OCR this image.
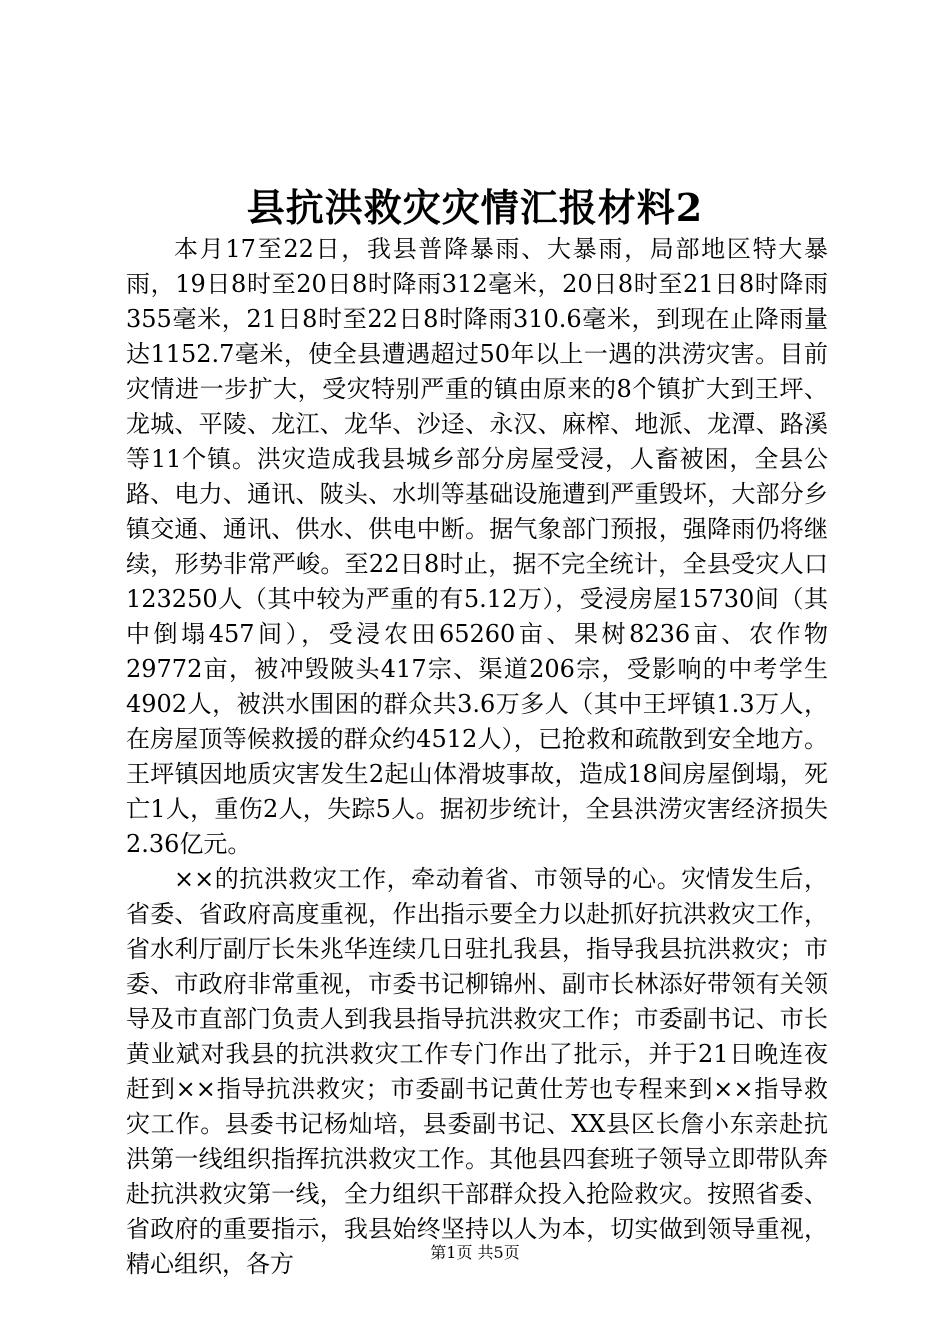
县抗洪救灾灾情汇报材料2

本月17至22日，我县普降暴雨、大暴雨，局部地区特大暴雨，19日8时至20日8时降雨312毫米，20日8时至21日8时降雨355毫米，21日8时至22日8时降雨310.6毫米，到现在止降雨量达1152.7毫米，使全县遭遇超过50年以上一遇的洪涝灾害。目前灾情进一步扩大，受灾特别严重的镇由原来的8个镇扩大到王坪、龙城、平陵、龙江、龙华、沙迳、永汉、麻榨、地派、龙潭、路溪等11个镇。洪灾造成我县城乡部分房屋受浸，人畜被困，全县公路、电力、通讯、陂头、水圳等基础设施遭到严重毁坏，大部分乡镇交通、通讯、供水、供电中断。据气象部门预报，强降雨仍将继续，形势非常严峻。至22日8时止，据不完全统计，全县受灾人口123250人（其中较为严重的有5.12万），受浸房屋15730间（其中倒塌457间），受浸农田65260亩、果树8236亩、农作物29772亩，被冲毁陂头417宗、渠道206宗，受影响的中考学生4902人，被洪水围困的群众共3.6万多人（其中王坪镇1.3万人，在房屋顶等候救援的群众约4512人），已抢救和疏散到安全地方。王坪镇因地质灾害发生2起山体滑坡事故，造成18间房屋倒塌，死亡1人，重伤2人，失踪5人。据初步统计，全县洪涝灾害经济损失2.36亿元。

××的抗洪救灾工作，牵动着省、市领导的心。灾情发生后，省委、省政府高度重视，作出指示要全力以赴抓好抗洪救灾工作，省水利厅副厅长朱兆华连续几日驻扎我县，指导我县抗洪救灾；市委、市政府非常重视，市委书记柳锦州、副市长林添好带领有关领导及市直部门负责人到我县指导抗洪救灾工作；市委副书记、市长黄业斌对我县的抗洪救灾工作专门作出了批示，并于21日晚连夜赶到××指导抗洪救灾；市委副书记黄仕芳也专程来到××指导救灾工作。县委书记杨灿培，县委副书记、XX县区长詹小东亲赴抗洪第一线组织指挥抗洪救灾工作。其他县四套班子领导立即带队奔赴抗洪救灾第一线，全力组织干部群众投入抢险救灾。按照省委、省政府的重要指示，我县始终坚持以人为本，切实做到领导重视，精心组织，各方	第1页 共5页
